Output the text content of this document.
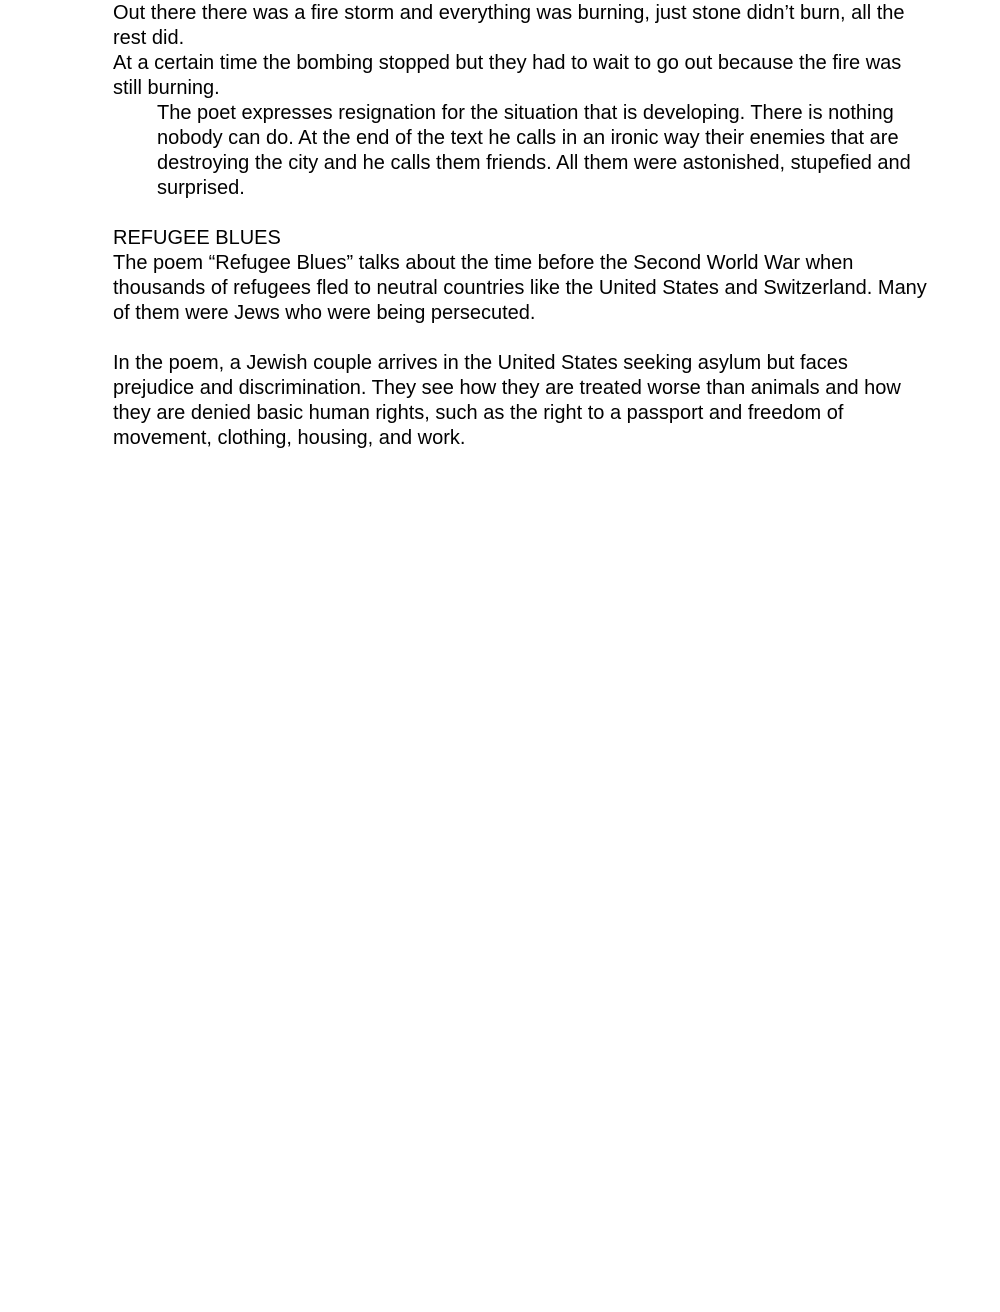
Out there there was a fire storm and everything was burning, just stone didn’t burn, all the
rest did.

At a certain time the bombing stopped but they had to wait to go out because the fire was
still burning.

The poet expresses resignation for the situation that is developing. There is nothing
nobody can do. At the end of the text he calls in an ironic way their enemies that are
destroying the city and he calls them friends. All them were astonished, stupefied and
surprised.

REFUGEE BLUES

The poem “Refugee Blues” talks about the time before the Second World War when
thousands of refugees fled to neutral countries like the United States and Switzerland. Many
of them were Jews who were being persecuted.

In the poem, a Jewish couple arrives in the United States seeking asylum but faces
prejudice and discrimination. They see how they are treated worse than animals and how
they are denied basic human rights, such as the right to a passport and freedom of
movement, clothing, housing, and work.
